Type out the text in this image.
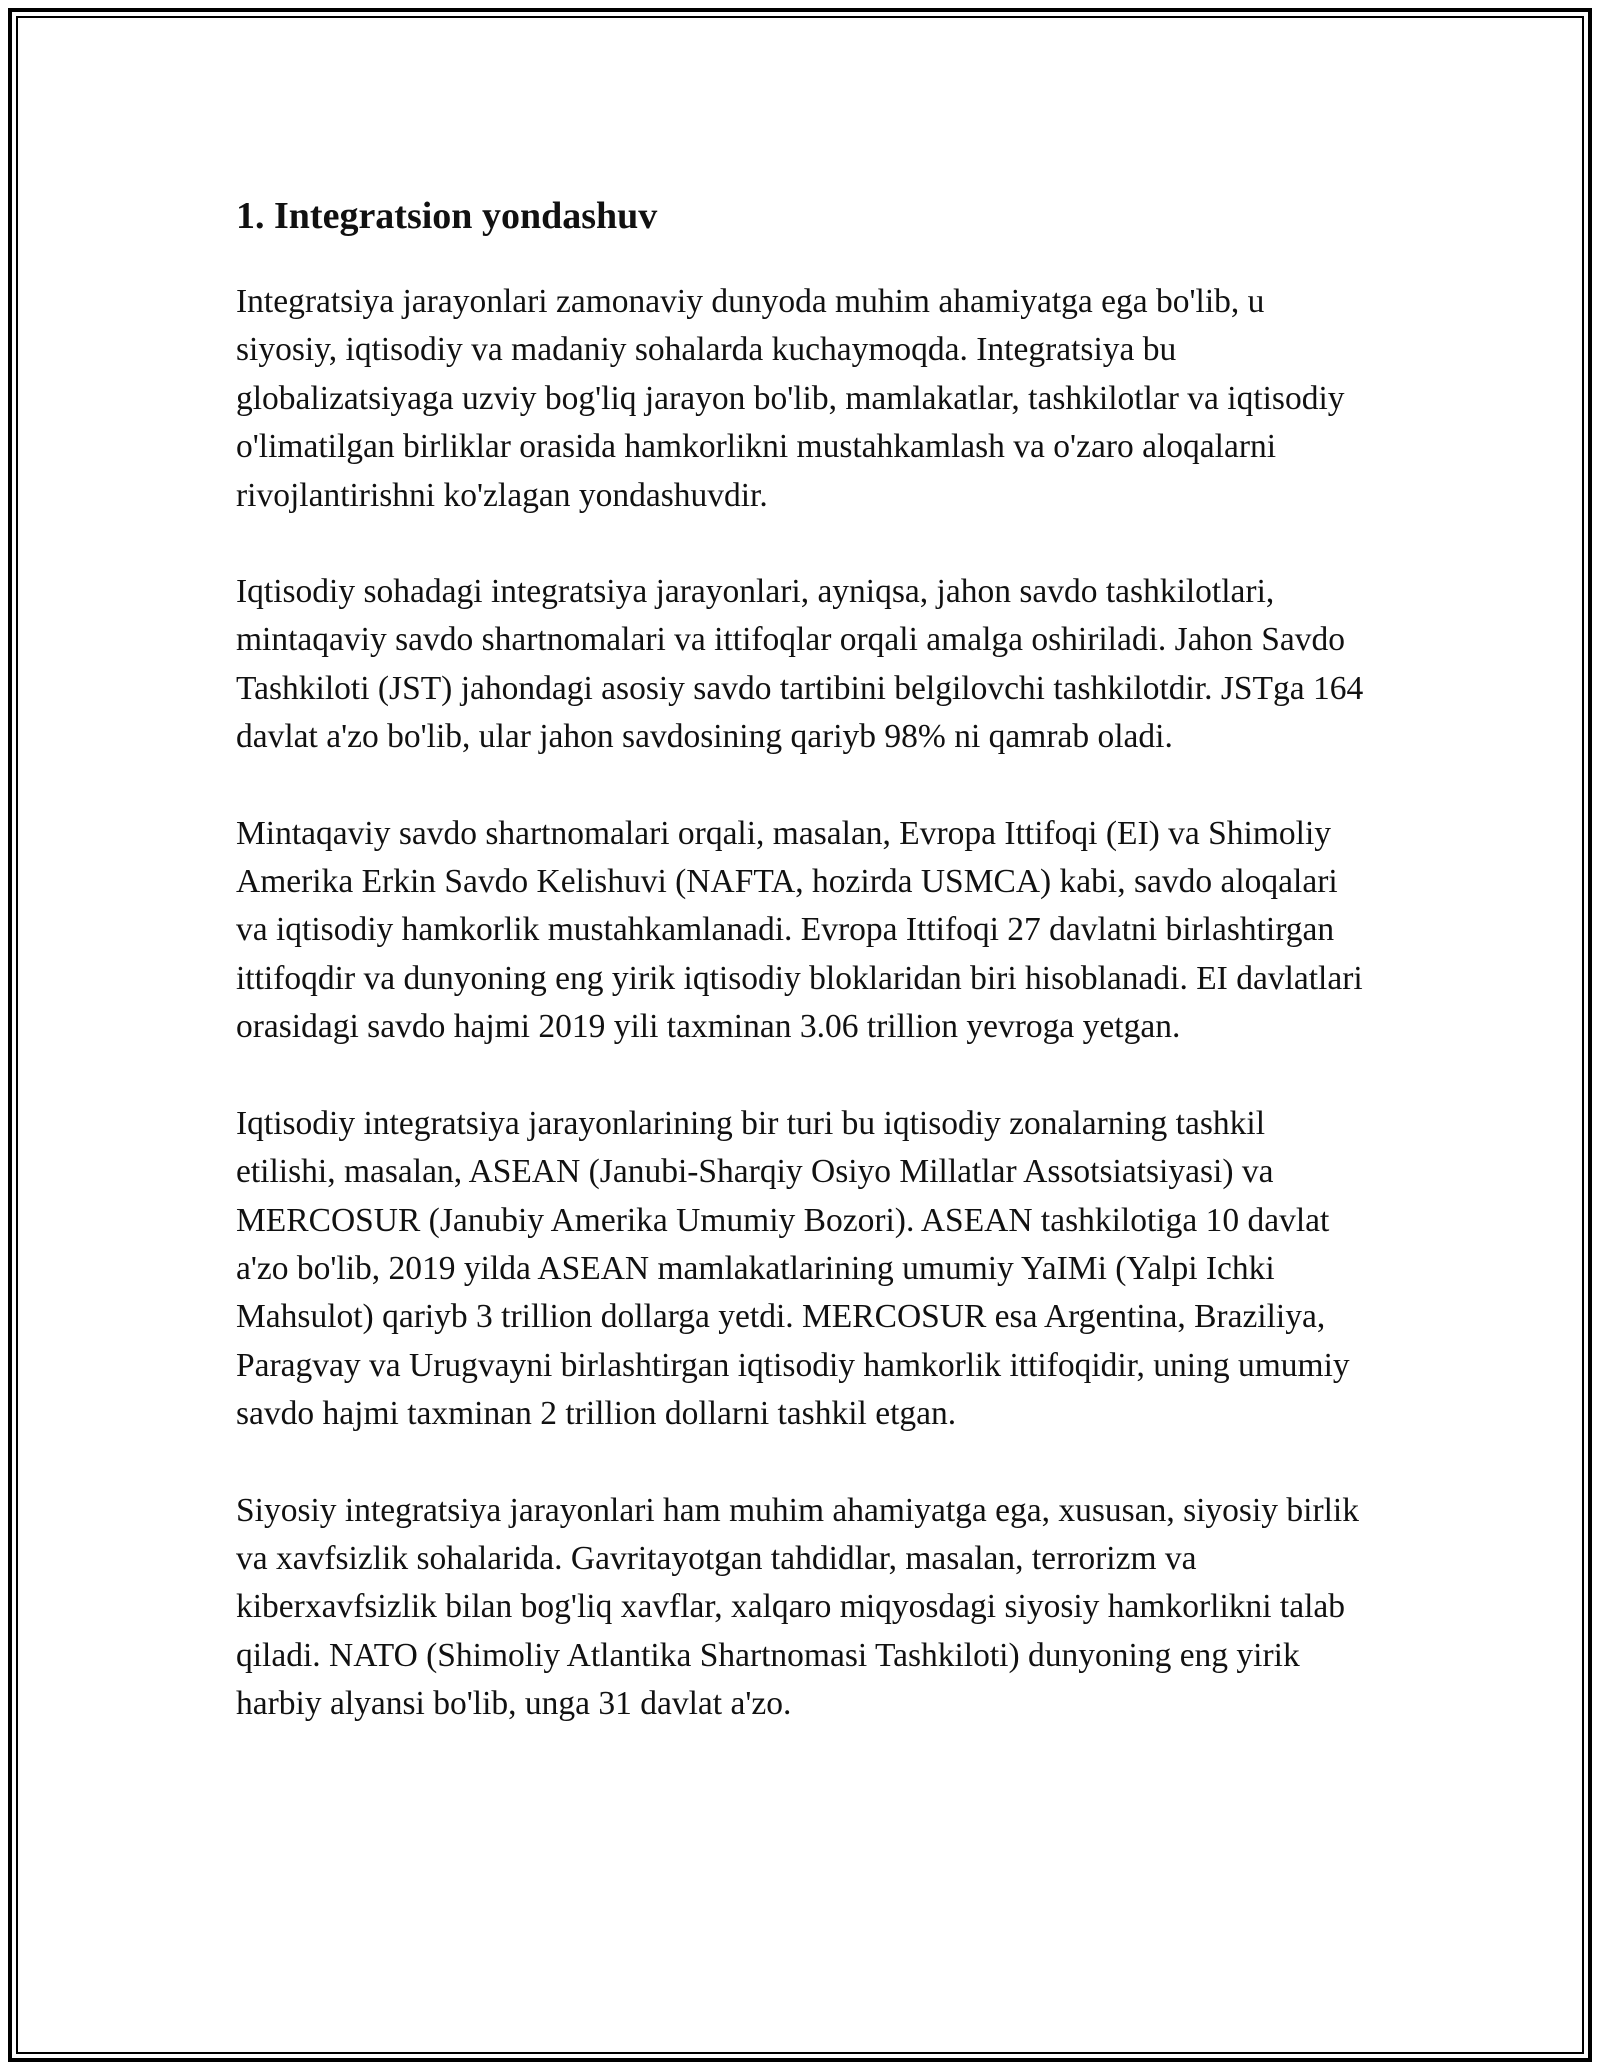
1. Integratsion yondashuv

Integratsiya jarayonlari zamonaviy dunyoda muhim ahamiyatga ega bo'lib, u siyosiy, iqtisodiy va madaniy sohalarda kuchaymoqda. Integratsiya bu globalizatsiyaga uzviy bog'liq jarayon bo'lib, mamlakatlar, tashkilotlar va iqtisodiy o'limatilgan birliklar orasida hamkorlikni mustahkamlash va o'zaro aloqalarni rivojlantirishni ko'zlagan yondashuvdir.

Iqtisodiy sohadagi integratsiya jarayonlari, ayniqsa, jahon savdo tashkilotlari, mintaqaviy savdo shartnomalari va ittifoqlar orqali amalga oshiriladi. Jahon Savdo Tashkiloti (JST) jahondagi asosiy savdo tartibini belgilovchi tashkilotdir. JSTga 164 davlat a'zo bo'lib, ular jahon savdosining qariyb 98% ni qamrab oladi.

Mintaqaviy savdo shartnomalari orqali, masalan, Evropa Ittifoqi (EI) va Shimoliy Amerika Erkin Savdo Kelishuvi (NAFTA, hozirda USMCA) kabi, savdo aloqalari va iqtisodiy hamkorlik mustahkamlanadi. Evropa Ittifoqi 27 davlatni birlashtirgan ittifoqdir va dunyoning eng yirik iqtisodiy bloklaridan biri hisoblanadi. EI davlatlari orasidagi savdo hajmi 2019 yili taxminan 3.06 trillion yevroga yetgan.

Iqtisodiy integratsiya jarayonlarining bir turi bu iqtisodiy zonalarning tashkil etilishi, masalan, ASEAN (Janubi-Sharqiy Osiyo Millatlar Assotsiatsiyasi) va MERCOSUR (Janubiy Amerika Umumiy Bozori). ASEAN tashkilotiga 10 davlat a'zo bo'lib, 2019 yilda ASEAN mamlakatlarining umumiy YaIMi (Yalpi Ichki Mahsulot) qariyb 3 trillion dollarga yetdi. MERCOSUR esa Argentina, Braziliya, Paragvay va Urugvayni birlashtirgan iqtisodiy hamkorlik ittifoqidir, uning umumiy savdo hajmi taxminan 2 trillion dollarni tashkil etgan.

Siyosiy integratsiya jarayonlari ham muhim ahamiyatga ega, xususan, siyosiy birlik va xavfsizlik sohalarida. Gavritayotgan tahdidlar, masalan, terrorizm va kiberxavfsizlik bilan bog'liq xavflar, xalqaro miqyosdagi siyosiy hamkorlikni talab qiladi. NATO (Shimoliy Atlantika Shartnomasi Tashkiloti) dunyoning eng yirik harbiy alyansi bo'lib, unga 31 davlat a'zo.
